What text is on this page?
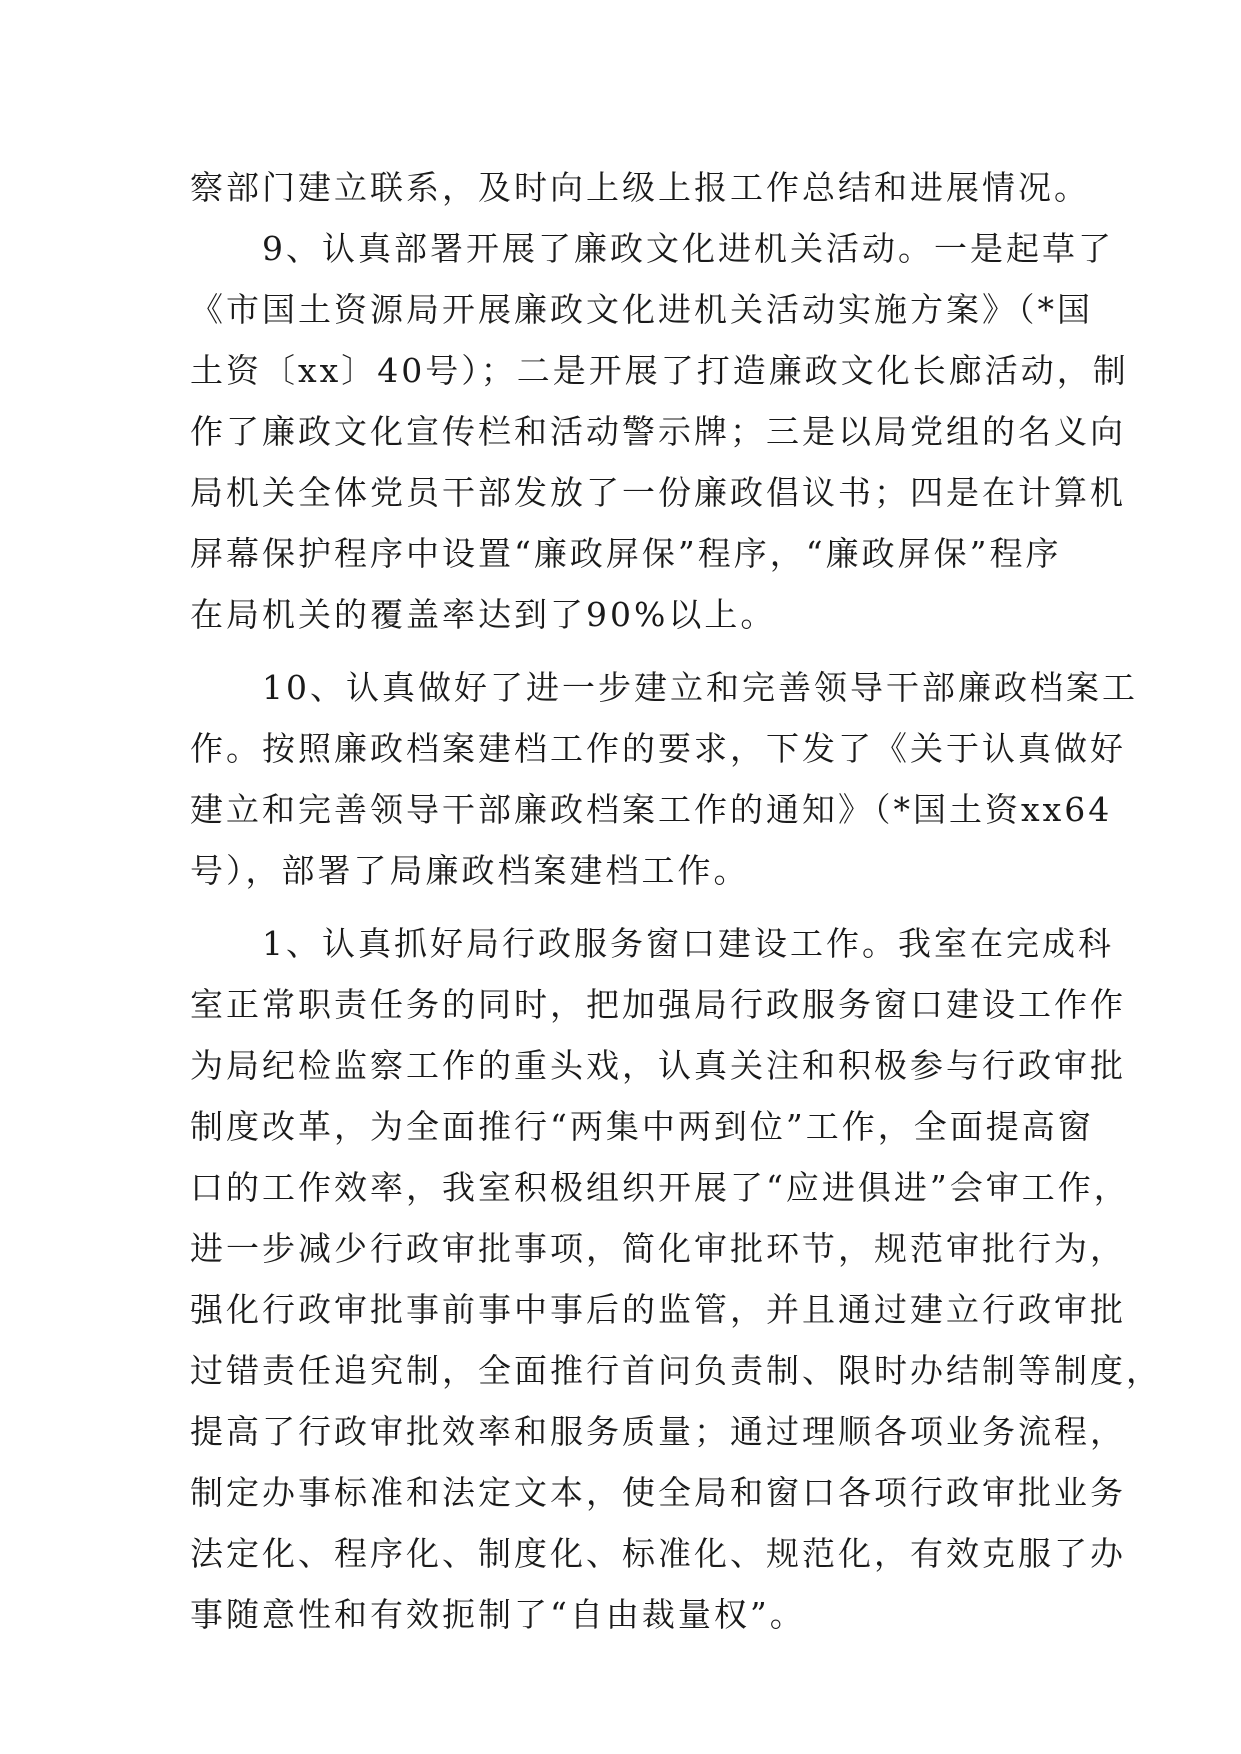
察部门建立联系，及时向上级上报工作总结和进展情况。
　　9、认真部署开展了廉政文化进机关活动。一是起草了
《市国土资源局开展廉政文化进机关活动实施方案》（*国
土资〔xx〕40号）；二是开展了打造廉政文化长廊活动，制
作了廉政文化宣传栏和活动警示牌；三是以局党组的名义向
局机关全体党员干部发放了一份廉政倡议书；四是在计算机
屏幕保护程序中设置“廉政屏保”程序，“廉政屏保”程序
在局机关的覆盖率达到了90%以上。
　　10、认真做好了进一步建立和完善领导干部廉政档案工
作。按照廉政档案建档工作的要求，下发了《关于认真做好
建立和完善领导干部廉政档案工作的通知》（*国土资xx64
号），部署了局廉政档案建档工作。
　　1、认真抓好局行政服务窗口建设工作。我室在完成科
室正常职责任务的同时，把加强局行政服务窗口建设工作作
为局纪检监察工作的重头戏，认真关注和积极参与行政审批
制度改革，为全面推行“两集中两到位”工作，全面提高窗
口的工作效率，我室积极组织开展了“应进俱进”会审工作，
进一步减少行政审批事项，简化审批环节，规范审批行为，
强化行政审批事前事中事后的监管，并且通过建立行政审批
过错责任追究制，全面推行首问负责制、限时办结制等制度，
提高了行政审批效率和服务质量；通过理顺各项业务流程，
制定办事标准和法定文本，使全局和窗口各项行政审批业务
法定化、程序化、制度化、标准化、规范化，有效克服了办
事随意性和有效扼制了“自由裁量权”。
